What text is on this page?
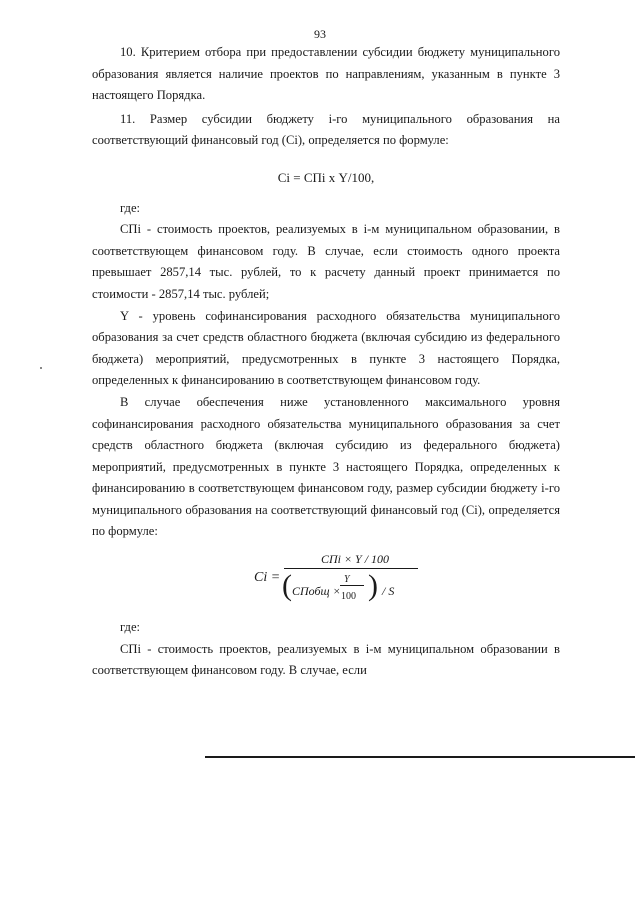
93

10. Критерием отбора при предоставлении субсидии бюджету муниципального образования является наличие проектов по направлениям, указанным в пункте 3 настоящего Порядка.

11. Размер субсидии бюджету i-го муниципального образования на соответствующий финансовый год (Ci), определяется по формуле:

Ci = СПi х Y/100,

где:

СПi - стоимость проектов, реализуемых в i-м муниципальном образовании, в соответствующем финансовом году. В случае, если стоимость одного проекта превышает 2857,14 тыс. рублей, то к расчету данный проект принимается по стоимости - 2857,14 тыс. рублей;

Y - уровень софинансирования расходного обязательства муниципального образования за счет средств областного бюджета (включая субсидию из федерального бюджета) мероприятий, предусмотренных в пункте 3 настоящего Порядка, определенных к финансированию в соответствующем финансовом году.

В случае обеспечения ниже установленного максимального уровня софинансирования расходного обязательства муниципального образования за счет средств областного бюджета (включая субсидию из федерального бюджета) мероприятий, предусмотренных в пункте 3 настоящего Порядка, определенных к финансированию в соответствующем финансовом году, размер субсидии бюджету i-го муниципального образования на соответствующий финансовый год (Ci), определяется по формуле:

Ci =
СПi × Y / 100
( СПобщ ×
Y
100 ) / S

где:

СПi - стоимость проектов, реализуемых в i-м муниципальном образовании в соответствующем финансовом году. В случае, если
